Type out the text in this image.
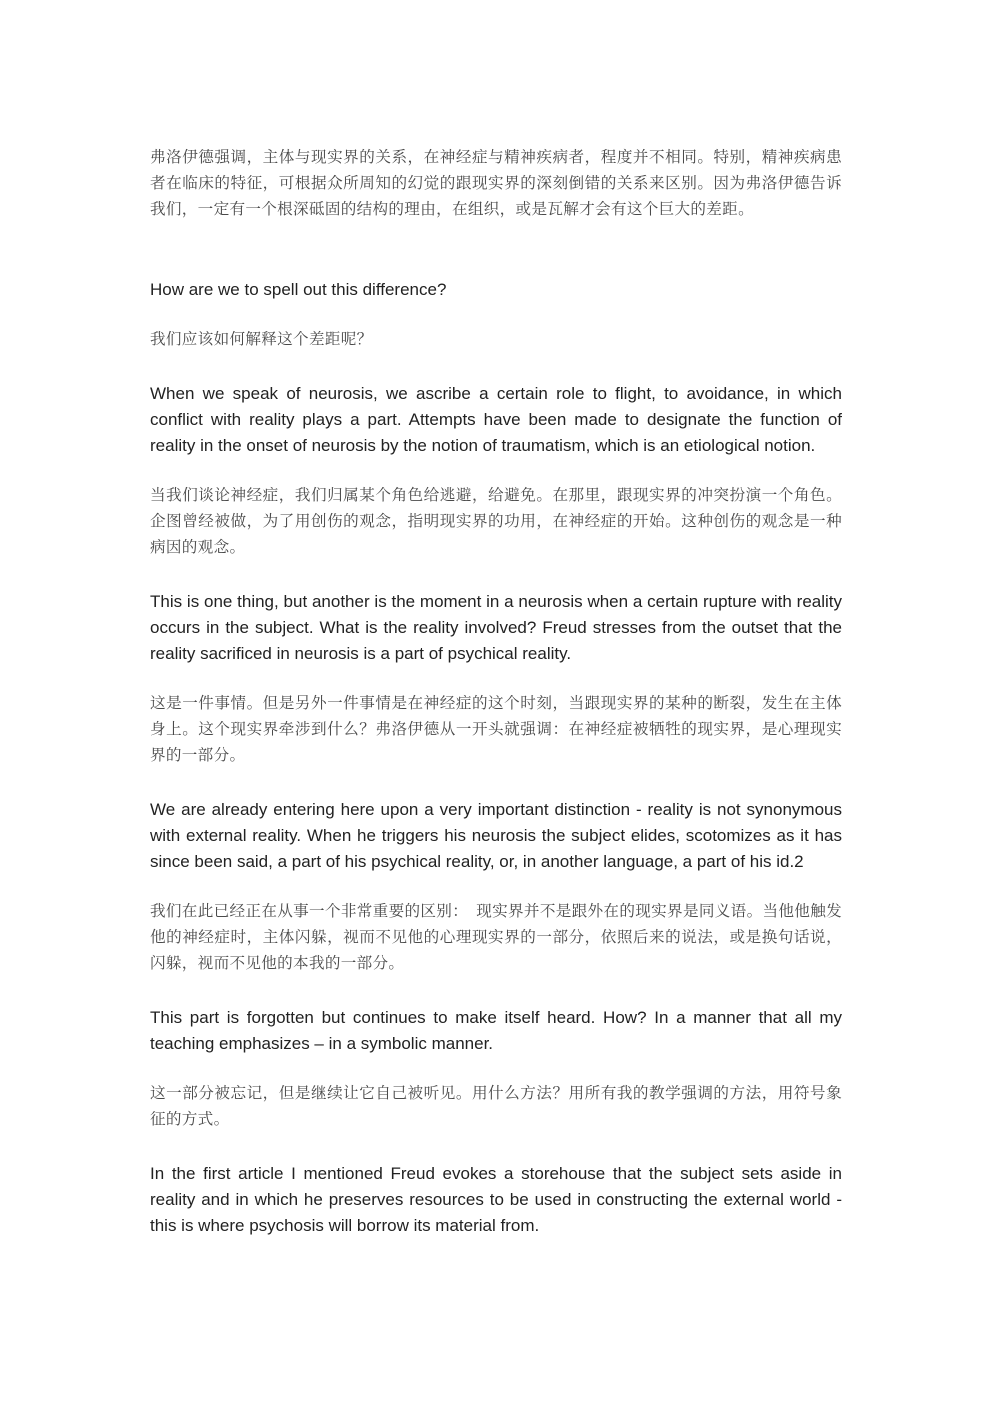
弗洛伊德强调，主体与现实界的关系，在神经症与精神疾病者，程度并不相同。特别，精神疾病患者在临床的特征，可根据众所周知的幻觉的跟现实界的深刻倒错的关系来区别。因为弗洛伊德告诉我们，一定有一个根深砥固的结构的理由，在组织，或是瓦解才会有这个巨大的差距。

How are we to spell out this difference?

我们应该如何解释这个差距呢？

When we speak of neurosis, we ascribe a certain role to flight, to avoidance, in which conflict with reality plays a part. Attempts have been made to designate the function of reality in the onset of neurosis by the notion of traumatism, which is an etiological notion.

当我们谈论神经症，我们归属某个角色给逃避，给避免。在那里，跟现实界的冲突扮演一个角色。企图曾经被做，为了用创伤的观念，指明现实界的功用，在神经症的开始。这种创伤的观念是一种病因的观念。

This is one thing, but another is the moment in a neurosis when a certain rupture with reality occurs in the subject. What is the reality involved? Freud stresses from the outset that the reality sacrificed in neurosis is a part of psychical reality.

这是一件事情。但是另外一件事情是在神经症的这个时刻，当跟现实界的某种的断裂，发生在主体身上。这个现实界牵涉到什么？弗洛伊德从一开头就强调：在神经症被牺牲的现实界，是心理现实界的一部分。

We are already entering here upon a very important distinction - reality is not synonymous with external reality. When he triggers his neurosis the subject elides, scotomizes as it has since been said, a part of his psychical reality, or, in another language, a part of his id.2

我们在此已经正在从事一个非常重要的区别：　现实界并不是跟外在的现实界是同义语。当他他触发他的神经症时，主体闪躲，视而不见他的心理现实界的一部分，依照后来的说法，或是换句话说，闪躲，视而不见他的本我的一部分。

This part is forgotten but continues to make itself heard. How? In a manner that all my teaching emphasizes – in a symbolic manner.

这一部分被忘记，但是继续让它自己被听见。用什么方法？用所有我的教学强调的方法，用符号象征的方式。

In the first article I mentioned Freud evokes a storehouse that the subject sets aside in reality and in which he preserves resources to be used in constructing the external world - this is where psychosis will borrow its material from.
